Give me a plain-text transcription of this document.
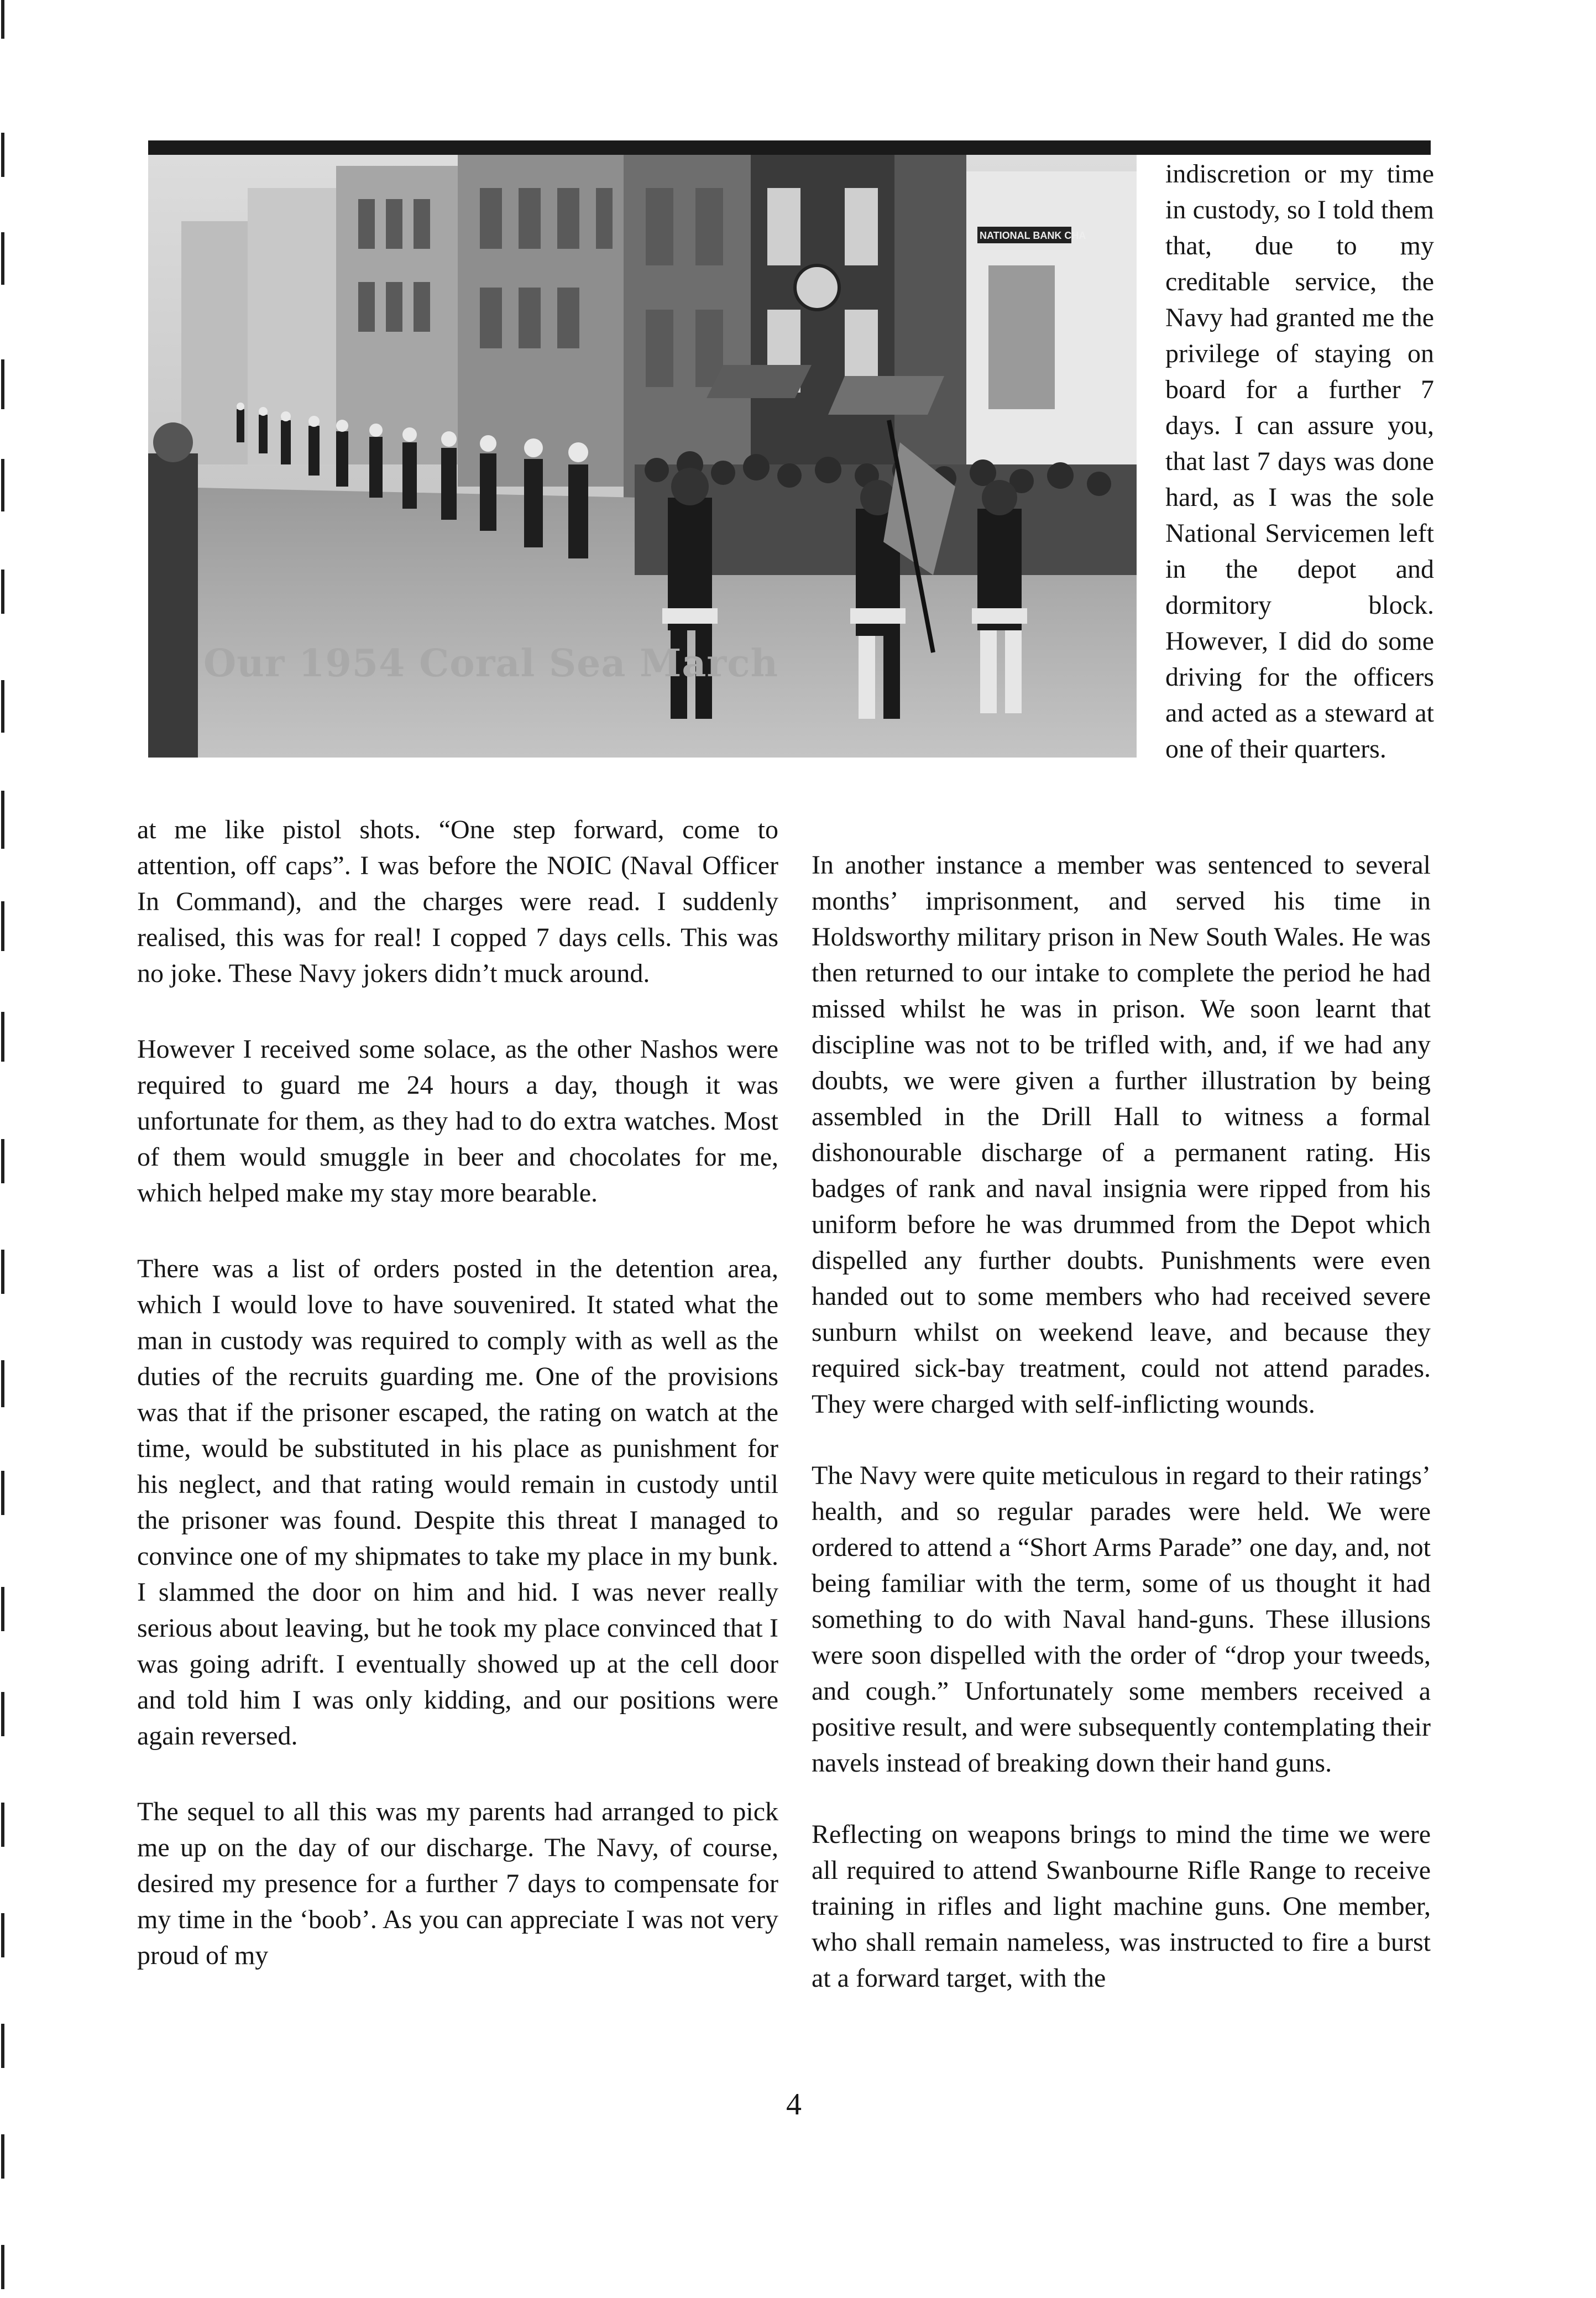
NATIONAL BANK CHA
Our 1954 Coral Sea March

indiscretion or my time in custody, so I told them that, due to my creditable service, the Navy had granted me the privilege of staying on board for a further 7 days. I can assure you, that last 7 days was done hard, as I was the sole National Servicemen left in the depot and dormitory block. However, I did do some driving for the officers and acted as a steward at one of their quarters.

at me like pistol shots. “One step forward, come to attention, off caps”. I was before the NOIC (Naval Officer In Command), and the charges were read. I suddenly realised, this was for real! I copped 7 days cells. This was no joke. These Navy jokers didn’t muck around.

However I received some solace, as the other Nashos were required to guard me 24 hours a day, though it was unfortunate for them, as they had to do extra watches. Most of them would smuggle in beer and chocolates for me, which helped make my stay more bearable.

There was a list of orders posted in the detention area, which I would love to have souvenired. It stated what the man in custody was required to comply with as well as the duties of the recruits guarding me. One of the provisions was that if the prisoner escaped, the rating on watch at the time, would be substituted in his place as punishment for his neglect, and that rating would remain in custody until the prisoner was found. Despite this threat I managed to convince one of my shipmates to take my place in my bunk. I slammed the door on him and hid. I was never really serious about leaving, but he took my place convinced that I was going adrift. I eventually showed up at the cell door and told him I was only kidding, and our positions were again reversed.

The sequel to all this was my parents had arranged to pick me up on the day of our discharge. The Navy, of course, desired my presence for a further 7 days to compensate for my time in the ‘boob’. As you can appreciate I was not very proud of my

In another instance a member was sentenced to several months’ imprisonment, and served his time in Holdsworthy military prison in New South Wales. He was then returned to our intake to complete the period he had missed whilst he was in prison. We soon learnt that discipline was not to be trifled with, and, if we had any doubts, we were given a further illustration by being assembled in the Drill Hall to witness a formal dishonourable discharge of a permanent rating. His badges of rank and naval insignia were ripped from his uniform before he was drummed from the Depot which dispelled any further doubts. Punishments were even handed out to some members who had received severe sunburn whilst on weekend leave, and because they required sick-bay treatment, could not attend parades. They were charged with self-inflicting wounds.

The Navy were quite meticulous in regard to their ratings’ health, and so regular parades were held. We were ordered to attend a “Short Arms Parade” one day, and, not being familiar with the term, some of us thought it had something to do with Naval hand-guns. These illusions were soon dispelled with the order of “drop your tweeds, and cough.” Unfortunately some members received a positive result, and were subsequently contemplating their navels instead of breaking down their hand guns.

Reflecting on weapons brings to mind the time we were all required to attend Swanbourne Rifle Range to receive training in rifles and light machine guns. One member, who shall remain nameless, was instructed to fire a burst at a forward target, with the

4
